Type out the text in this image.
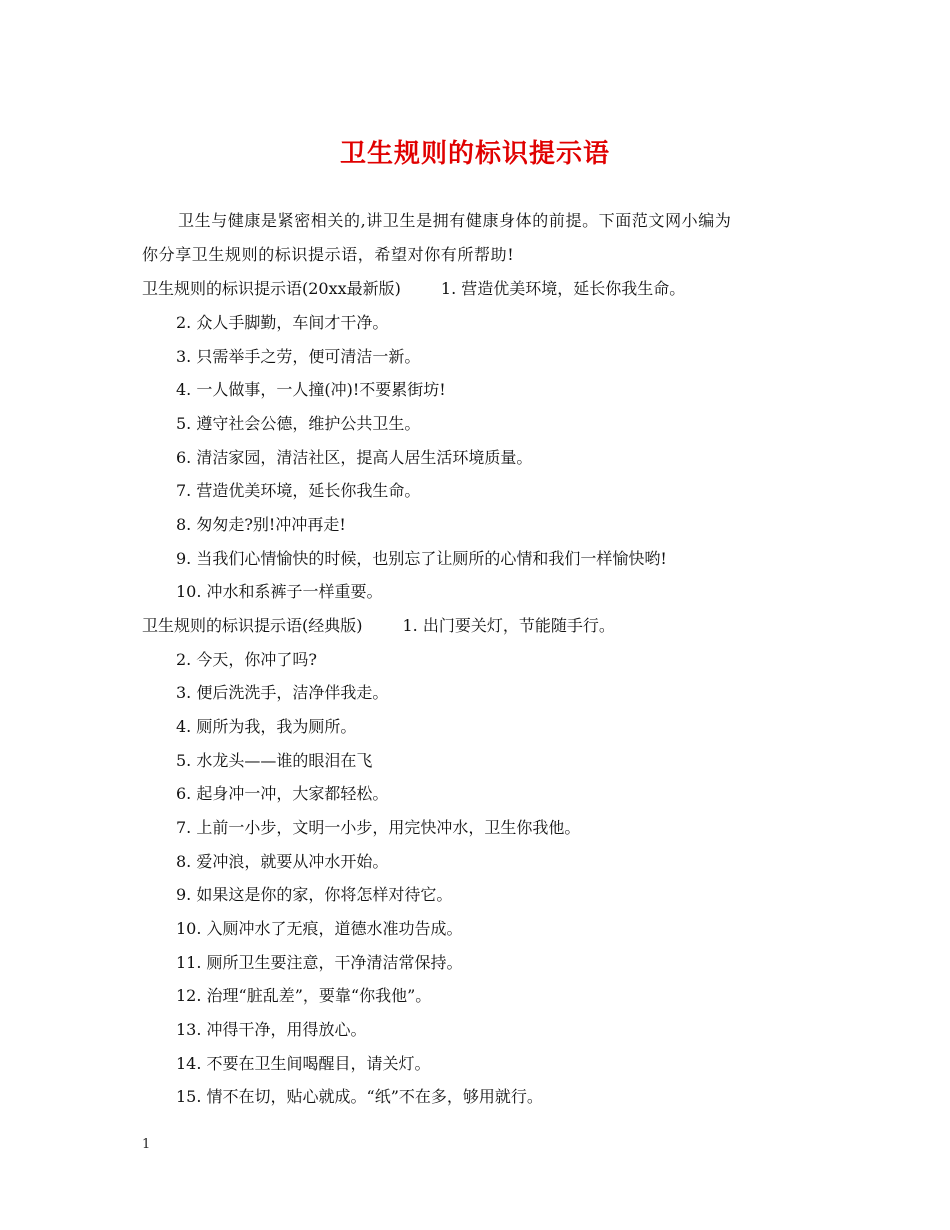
卫生规则的标识提示语
卫生与健康是紧密相关的,讲卫生是拥有健康身体的前提。下面范文网小编为
你分享卫生规则的标识提示语，希望对你有所帮助!
卫生规则的标识提示语(20xx最新版)	1. 营造优美环境，延长你我生命。
2. 众人手脚勤，车间才干净。
3. 只需举手之劳，便可清洁一新。
4. 一人做事，一人撞(冲)!不要累街坊!
5. 遵守社会公德，维护公共卫生。
6. 清洁家园，清洁社区，提高人居生活环境质量。
7. 营造优美环境，延长你我生命。
8. 匆匆走?别!冲冲再走!
9. 当我们心情愉快的时候，也别忘了让厕所的心情和我们一样愉快哟!
10. 冲水和系裤子一样重要。
卫生规则的标识提示语(经典版)	1. 出门要关灯，节能随手行。
2. 今天，你冲了吗?
3. 便后洗洗手，洁净伴我走。
4. 厕所为我，我为厕所。
5. 水龙头——谁的眼泪在飞
6. 起身冲一冲，大家都轻松。
7. 上前一小步，文明一小步，用完快冲水，卫生你我他。
8. 爱冲浪，就要从冲水开始。
9. 如果这是你的家，你将怎样对待它。
10. 入厕冲水了无痕，道德水准功告成。
11. 厕所卫生要注意，干净清洁常保持。
12. 治理“脏乱差”，要靠“你我他”。
13. 冲得干净，用得放心。
14. 不要在卫生间喝醒目，请关灯。
15. 情不在切，贴心就成。“纸”不在多，够用就行。
1
